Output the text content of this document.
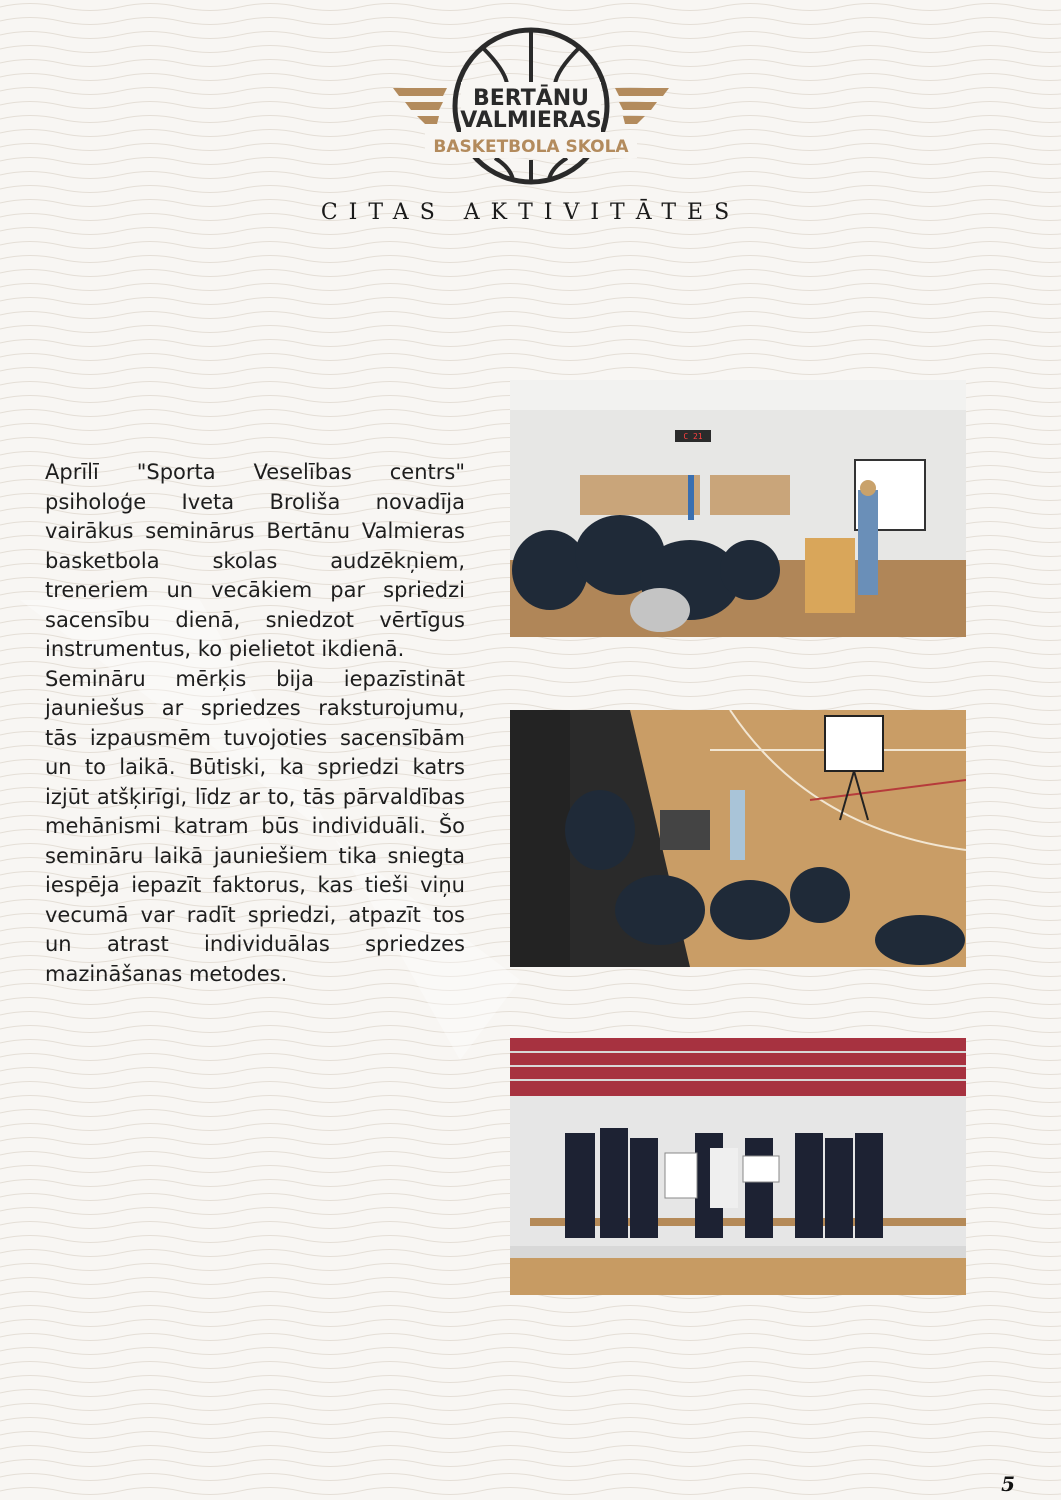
BERTĀNU
VALMIERAS
BASKETBOLA SKOLA
CITAS AKTIVITĀTES

Aprīlī "Sporta Veselības centrs" psiholoģe Iveta Broliša novadīja vairākus seminārus Bertānu Valmieras basketbola skolas audzēkņiem, treneriem un vecākiem par spriedzi sacensību dienā, sniedzot vērtīgus instrumentus, ko pielietot ikdienā.

Semināru mērķis bija iepazīstināt jauniešus ar spriedzes raksturojumu, tās izpausmēm tuvojoties sacensībām un to laikā. Būtiski, ka spriedzi katrs izjūt atšķirīgi, līdz ar to, tās pārvaldības mehānismi katram būs individuāli. Šo semināru laikā jauniešiem tika sniegta iespēja iepazīt faktorus, kas tieši viņu vecumā var radīt spriedzi, atpazīt tos un atrast individuālas spriedzes mazināšanas metodes.

C 21
5
